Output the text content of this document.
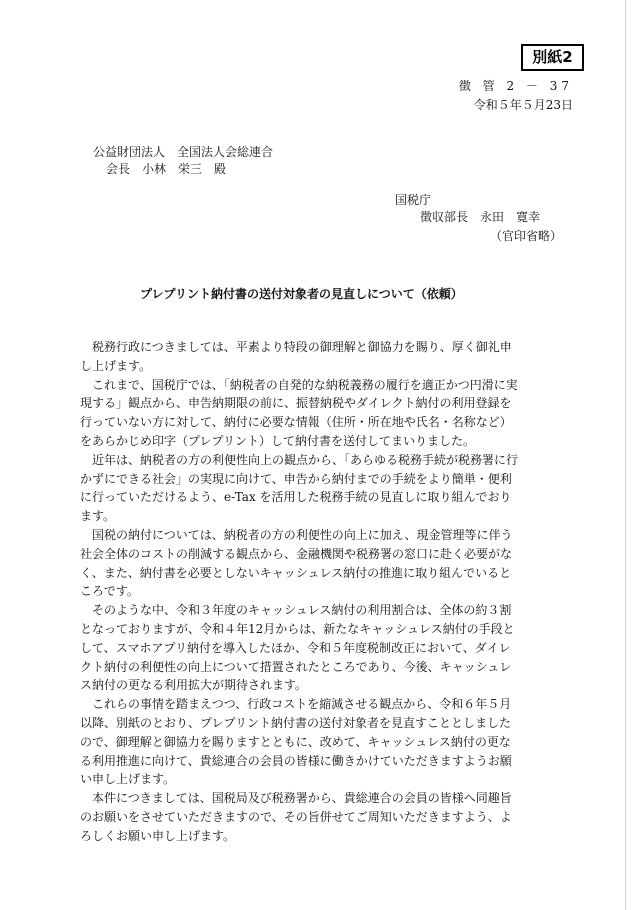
別紙2
徴 管 2 － 37
令和５年５月23日
公益財団法人　全国法人会総連合
会長　小林　栄三　殿
国税庁
徴収部長　永田　寛幸
（官印省略）
プレプリント納付書の送付対象者の見直しについて（依頼）
　税務行政につきましては、平素より特段の御理解と御協力を賜り、厚く御礼申
し上げます。
　これまで、国税庁では、「納税者の自発的な納税義務の履行を適正かつ円滑に実
現する」観点から、申告納期限の前に、振替納税やダイレクト納付の利用登録を
行っていない方に対して、納付に必要な情報（住所・所在地や氏名・名称など）
をあらかじめ印字（プレプリント）して納付書を送付してまいりました。
　近年は、納税者の方の利便性向上の観点から、「あらゆる税務手続が税務署に行
かずにできる社会」の実現に向けて、申告から納付までの手続をより簡単・便利
に行っていただけるよう、e-Tax を活用した税務手続の見直しに取り組んでおり
ます。
　国税の納付については、納税者の方の利便性の向上に加え、現金管理等に伴う
社会全体のコストの削減する観点から、金融機関や税務署の窓口に赴く必要がな
く、また、納付書を必要としないキャッシュレス納付の推進に取り組んでいると
ころです。
　そのような中、令和３年度のキャッシュレス納付の利用割合は、全体の約３割
となっておりますが、令和４年12月からは、新たなキャッシュレス納付の手段と
して、スマホアプリ納付を導入したほか、令和５年度税制改正において、ダイレ
クト納付の利便性の向上について措置されたところであり、今後、キャッシュレ
ス納付の更なる利用拡大が期待されます。
　これらの事情を踏まえつつ、行政コストを縮減させる観点から、令和６年５月
以降、別紙のとおり、プレプリント納付書の送付対象者を見直すこととしました
ので、御理解と御協力を賜りますとともに、改めて、キャッシュレス納付の更な
る利用推進に向けて、貴総連合の会員の皆様に働きかけていただきますようお願
い申し上げます。
　本件につきましては、国税局及び税務署から、貴総連合の会員の皆様へ同趣旨
のお願いをさせていただきますので、その旨併せてご周知いただきますよう、よ
ろしくお願い申し上げます。
